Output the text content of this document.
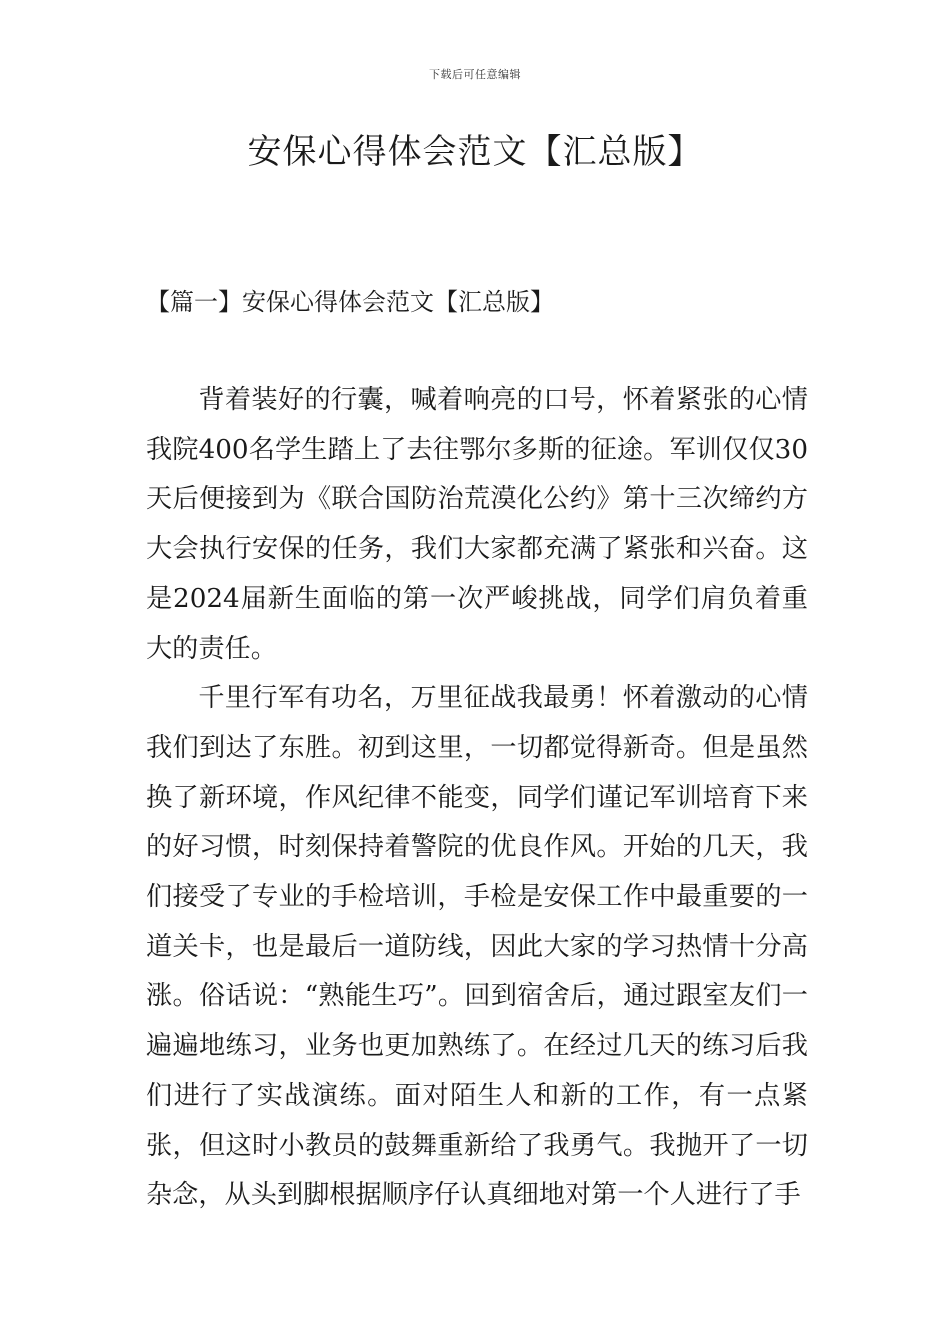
下载后可任意编辑
安保心得体会范文【汇总版】
【篇一】安保心得体会范文【汇总版】

背着装好的行囊，喊着响亮的口号，怀着紧张的心情我院400名学生踏上了去往鄂尔多斯的征途。军训仅仅30天后便接到为《联合国防治荒漠化公约》第十三次缔约方大会执行安保的任务，我们大家都充满了紧张和兴奋。这是2024届新生面临的第一次严峻挑战，同学们肩负着重大的责任。

千里行军有功名，万里征战我最勇！怀着激动的心情我们到达了东胜。初到这里，一切都觉得新奇。但是虽然换了新环境，作风纪律不能变，同学们谨记军训培育下来的好习惯，时刻保持着警院的优良作风。开始的几天，我们接受了专业的手检培训，手检是安保工作中最重要的一道关卡，也是最后一道防线，因此大家的学习热情十分高涨。俗话说：“熟能生巧”。回到宿舍后，通过跟室友们一遍遍地练习，业务也更加熟练了。在经过几天的练习后我们进行了实战演练。面对陌生人和新的工作，有一点紧张，但这时小教员的鼓舞重新给了我勇气。我抛开了一切杂念，从头到脚根据顺序仔认真细地对第一个人进行了手
